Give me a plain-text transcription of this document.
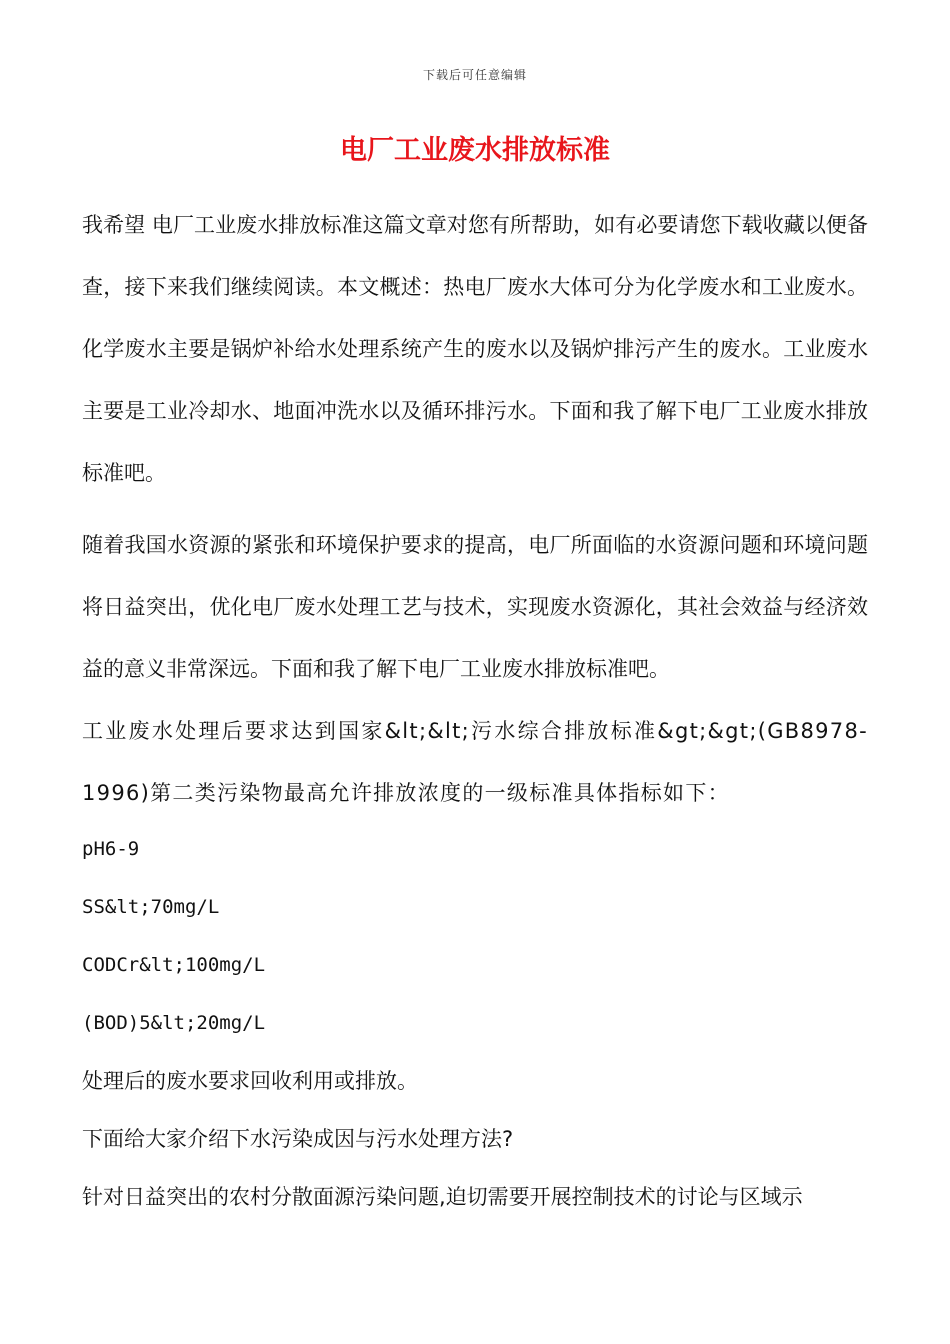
下载后可任意编辑
电厂工业废水排放标准

我希望 电厂工业废水排放标准这篇文章对您有所帮助，如有必要请您下载收藏以便备查，接下来我们继续阅读。本文概述：热电厂废水大体可分为化学废水和工业废水。化学废水主要是锅炉补给水处理系统产生的废水以及锅炉排污产生的废水。工业废水主要是工业冷却水、地面冲洗水以及循环排污水。下面和我了解下电厂工业废水排放标准吧。

随着我国水资源的紧张和环境保护要求的提高，电厂所面临的水资源问题和环境问题将日益突出，优化电厂废水处理工艺与技术，实现废水资源化，其社会效益与经济效益的意义非常深远。下面和我了解下电厂工业废水排放标准吧。

工业废水处理后要求达到国家&lt;&lt;污水综合排放标准&gt;&gt;(GB8978-1996)第二类污染物最高允许排放浓度的一级标准具体指标如下：

pH6-9
SS&lt;70mg/L
CODCr&lt;100mg/L
(BOD)5&lt;20mg/L
处理后的废水要求回收利用或排放。
下面给大家介绍下水污染成因与污水处理方法?
针对日益突出的农村分散面源污染问题,迫切需要开展控制技术的讨论与区域示
